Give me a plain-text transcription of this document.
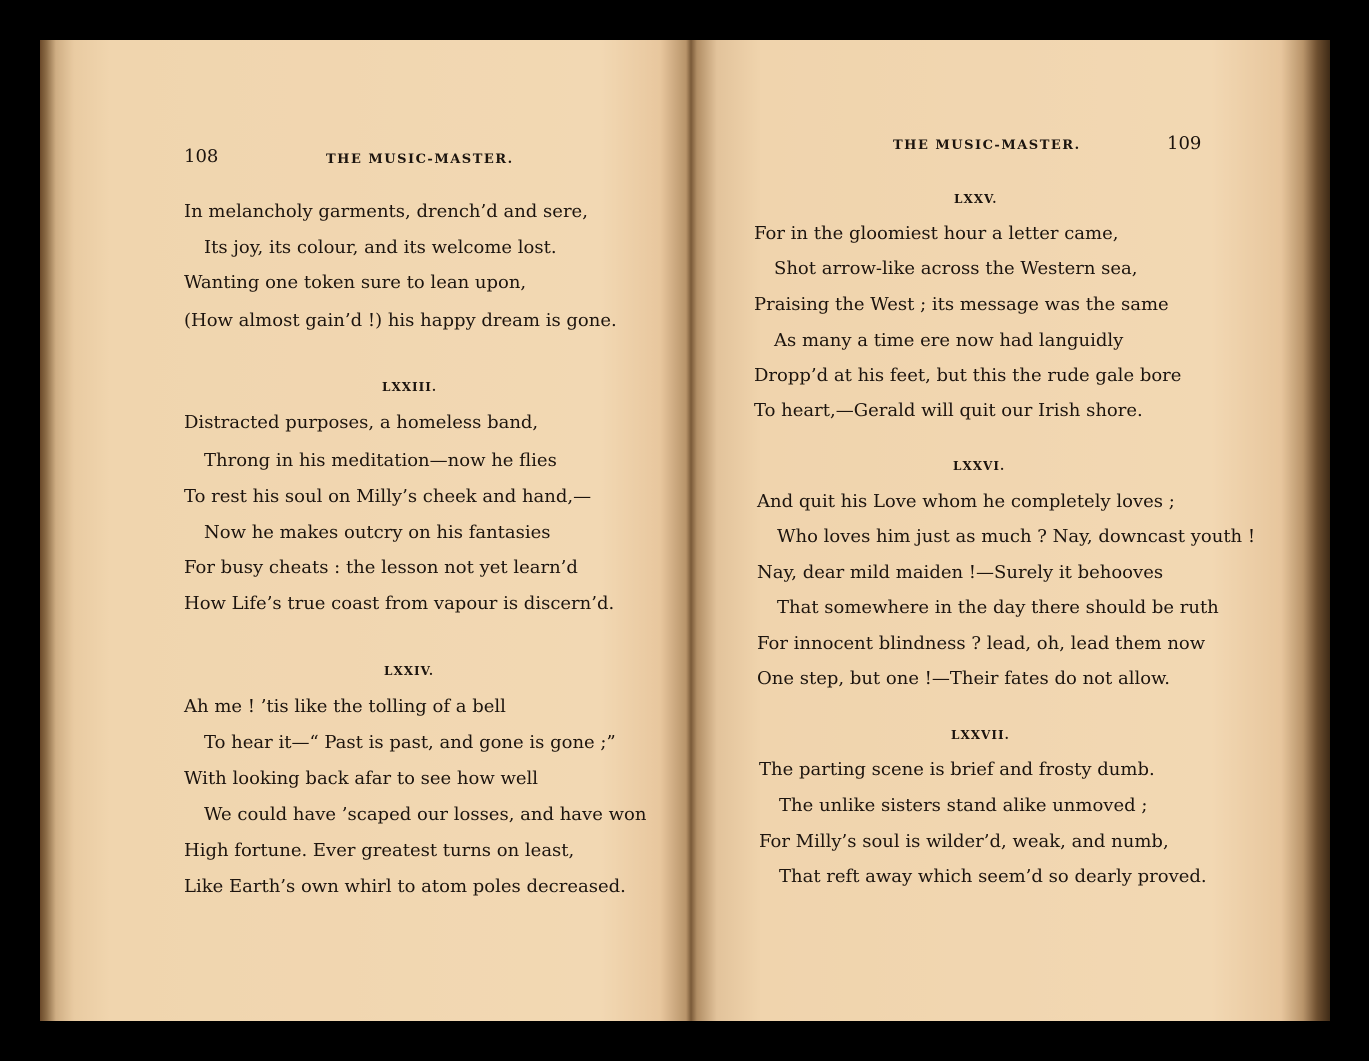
108	THE MUSIC-MASTER.
In melancholy garments, drench’d and sere,
Its joy, its colour, and its welcome lost.
Wanting one token sure to lean upon,
(How almost gain’d !) his happy dream is gone.
LXXIII.
Distracted purposes, a homeless band,
Throng in his meditation—now he flies
To rest his soul on Milly’s cheek and hand,—
Now he makes outcry on his fantasies
For busy cheats : the lesson not yet learn’d
How Life’s true coast from vapour is discern’d.
LXXIV.
Ah me ! ’tis like the tolling of a bell
To hear it—“ Past is past, and gone is gone ;”
With looking back afar to see how well
We could have ’scaped our losses, and have won
High fortune. Ever greatest turns on least,
Like Earth’s own whirl to atom poles decreased.
THE MUSIC-MASTER.	109
LXXV.
For in the gloomiest hour a letter came,
Shot arrow-like across the Western sea,
Praising the West ; its message was the same
As many a time ere now had languidly
Dropp’d at his feet, but this the rude gale bore
To heart,—Gerald will quit our Irish shore.
LXXVI.
And quit his Love whom he completely loves ;
Who loves him just as much ? Nay, downcast youth !
Nay, dear mild maiden !—Surely it behooves
That somewhere in the day there should be ruth
For innocent blindness ? lead, oh, lead them now
One step, but one !—Their fates do not allow.
LXXVII.
The parting scene is brief and frosty dumb.
The unlike sisters stand alike unmoved ;
For Milly’s soul is wilder’d, weak, and numb,
That reft away which seem’d so dearly proved.
